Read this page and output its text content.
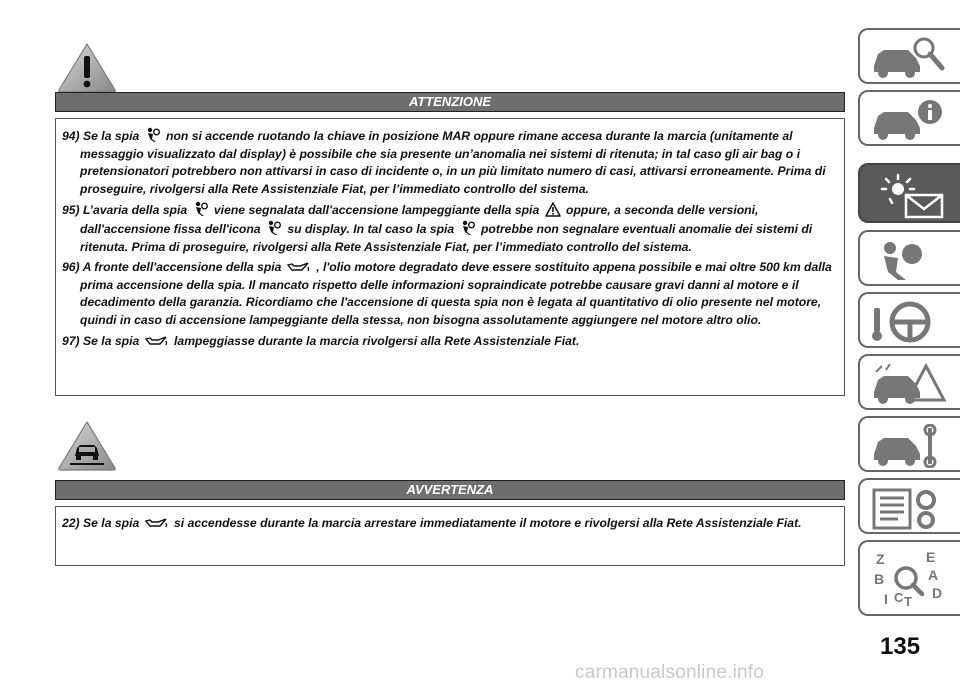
ATTENZIONE

94) Se la spia non si accende ruotando la chiave in posizione MAR oppure rimane accesa durante la marcia (unitamente al messaggio visualizzato dal display) è possibile che sia presente un’anomalia nei sistemi di ritenuta; in tal caso gli air bag o i pretensionatori potrebbero non attivarsi in caso di incidente o, in un più limitato numero di casi, attivarsi erroneamente. Prima di proseguire, rivolgersi alla Rete Assistenziale Fiat, per l’immediato controllo del sistema.

95) L’avaria della spia viene segnalata dall'accensione lampeggiante della spia oppure, a seconda delle versioni, dall'accensione fissa dell'icona su display. In tal caso la spia potrebbe non segnalare eventuali anomalie dei sistemi di ritenuta. Prima di proseguire, rivolgersi alla Rete Assistenziale Fiat, per l’immediato controllo del sistema.

96) A fronte dell'accensione della spia	, l'olio motore degradato deve essere sostituito appena possibile e mai oltre 500 km dalla prima accensione della spia. Il mancato rispetto delle informazioni sopraindicate potrebbe causare gravi danni al motore e il decadimento della garanzia. Ricordiamo che l'accensione di questa spia non è legata al quantitativo di olio presente nel motore, quindi in caso di accensione lampeggiante della stessa, non bisogna assolutamente aggiungere nel motore altro olio.

97) Se la spia	lampeggiasse durante la marcia rivolgersi alla Rete Assistenziale Fiat.

AVVERTENZA

22) Se la spia	si accendesse durante la marcia arrestare immediatamente il motore e rivolgersi alla Rete Assistenziale Fiat.

Z	E
A
B
C T
D
I
135
carmanualsonline.info
